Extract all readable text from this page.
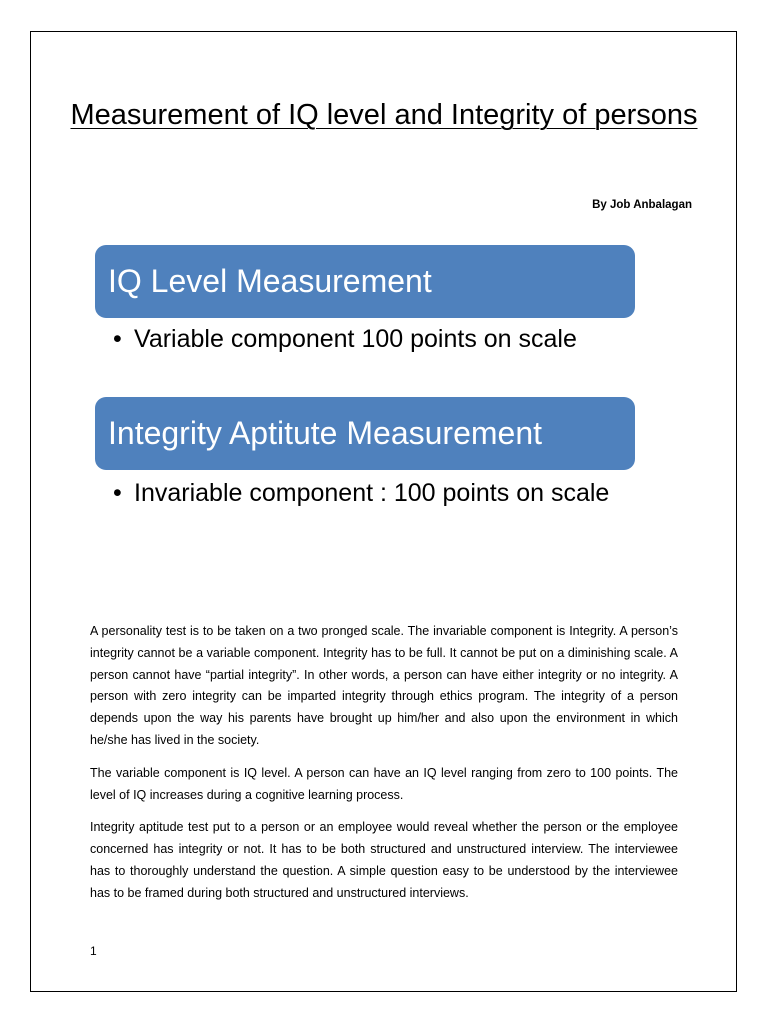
Measurement of IQ level and Integrity of persons

By Job Anbalagan

IQ Level Measurement
• Variable component 100 points on scale
Integrity Aptitute Measurement
• Invariable component : 100 points on scale

A personality test is to be taken on a two pronged scale. The invariable component is Integrity. A person’s integrity cannot be a variable component. Integrity has to be full. It cannot be put on a diminishing scale. A person cannot have “partial integrity”. In other words, a person can have either integrity or no integrity. A person with zero integrity can be imparted integrity through ethics program. The integrity of a person depends upon the way his parents have brought up him/her and also upon the environment in which he/she has lived in the society.

The variable component is IQ level. A person can have an IQ level ranging from zero to 100 points. The level of IQ increases during a cognitive learning process.

Integrity aptitude test put to a person or an employee would reveal whether the person or the employee concerned has integrity or not. It has to be both structured and unstructured interview. The interviewee has to thoroughly understand the question. A simple question easy to be understood by the interviewee has to be framed during both structured and unstructured interviews.

1
